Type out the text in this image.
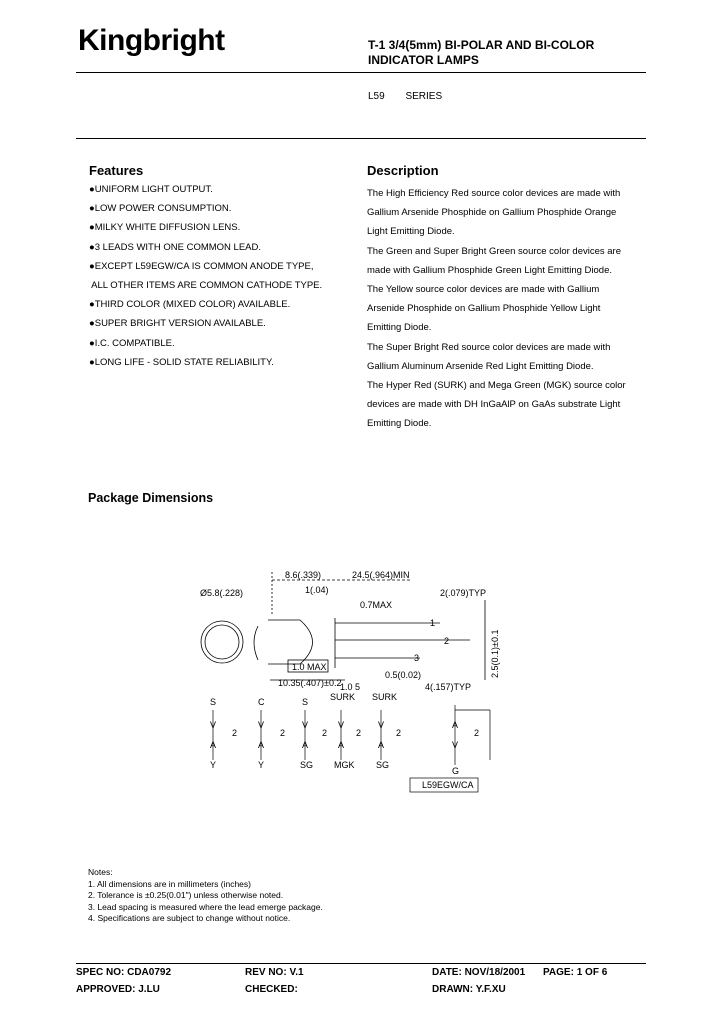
Kingbright	T-1 3/4(5mm) BI-POLAR AND BI-COLOR
INDICATOR LAMPS
L59 SERIES
Features
●UNIFORM LIGHT OUTPUT.
●LOW POWER CONSUMPTION.
●MILKY WHITE DIFFUSION LENS.
●3 LEADS WITH ONE COMMON LEAD.
●EXCEPT L59EGW/CA IS COMMON ANODE TYPE,
ALL OTHER ITEMS ARE COMMON CATHODE TYPE.
●THIRD COLOR (MIXED COLOR) AVAILABLE.
●SUPER BRIGHT VERSION AVAILABLE.
●I.C. COMPATIBLE.
●LONG LIFE - SOLID STATE RELIABILITY.
Description

The High Efficiency Red source color devices are made with

Gallium Arsenide Phosphide on Gallium Phosphide Orange

Light Emitting Diode.

The Green and Super Bright Green source color devices are

made with Gallium Phosphide Green Light Emitting Diode.

The Yellow source color devices are made with Gallium

Arsenide Phosphide on Gallium Phosphide Yellow Light

Emitting Diode.

The Super Bright Red source color devices are made with

Gallium Aluminum Arsenide Red Light Emitting Diode.

The Hyper Red (SURK) and Mega Green (MGK) source color

devices are made with DH InGaAlP on GaAs substrate Light

Emitting Diode.

Package Dimensions
Ø5.8(.228)
8.6(.339)	24.5(.964)MIN
1(.04)	2(.079)TYP
0.7MAX
1.0 MAX
10.35(.407)±0.2
0.5(0.02)
4(.157)TYP
1.0 5
1
2
3	2.5(0.1)±0.1
S
V
A
Y
2
C
V
A
Y
2
S
V
A
SG
2
SURK
V
A
MGK
2
SURK
V
A
SG
2
A
V
G
2
L59EGW/CA
Notes:
1. All dimensions are in millimeters (inches)
2. Tolerance is ±0.25(0.01") unless otherwise noted.
3. Lead spacing is measured where the lead emerge package.
4. Specifications are subject to change without notice.
SPEC NO: CDA0792	REV NO: V.1	DATE: NOV/18/2001 PAGE: 1 OF 6
APPROVED: J.LU	CHECKED:	DRAWN: Y.F.XU
